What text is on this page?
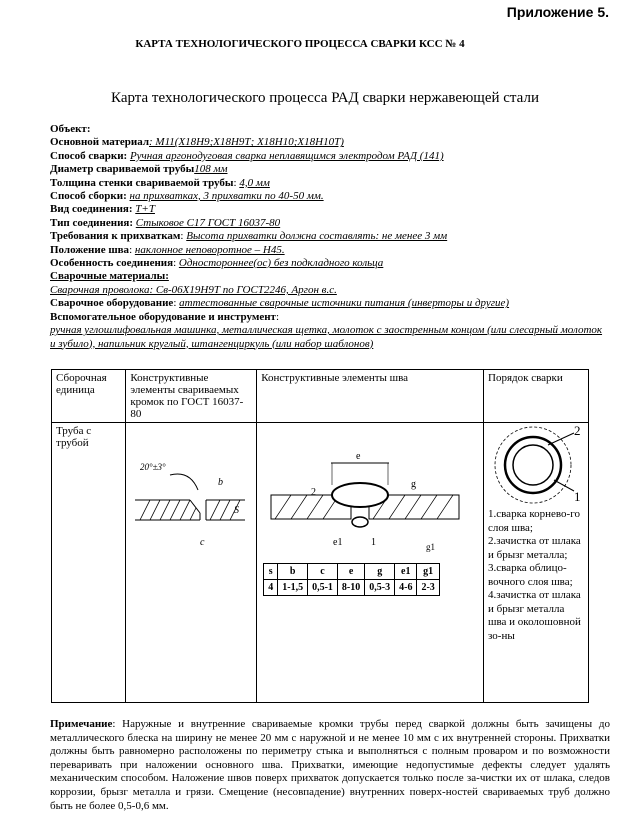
Приложение 5.
КАРТА ТЕХНОЛОГИЧЕСКОГО ПРОЦЕССА СВАРКИ КСС № 4
Карта технологического процесса РАД сварки нержавеющей стали
Объект:
Основной материал: М11(Х18Н9;Х18Н9Т; Х18Н10;Х18Н10Т)
Способ сварки: Ручная аргонодуговая сварка неплавящимся электродом РАД (141)
Диаметр свариваемой трубы108 мм
Толщина стенки свариваемой трубы: 4,0 мм
Способ сборки: на прихватках, 3 прихватки по 40-50 мм.
Вид соединения: Т+Т
Тип соединения: Стыковое С17 ГОСТ 16037-80
Требования к прихваткам: Высота прихватки должна составлять: не менее 3 мм
Положение шва: наклонное неповоротное – Н45.
Особенность соединения: Одностороннее(ос) без подкладного кольца
Сварочные материалы:
Сварочная проволока: Св-06Х19Н9Т по ГОСТ2246, Аргон в.с.
Сварочное оборудование: аттестованные сварочные источники питания (инверторы и другие)
Вспомогательное оборудование и инструмент:
ручная углошлифовальная машинка, металлическая щетка, молоток с заостренным концом (или слесарный молоток и зубило), напильник круглый, штангенциркуль (или набор шаблонов)
Сборочная единица	Конструктивные элементы свариваемых кромок по ГОСТ 16037-80	Конструктивные элементы шва	Порядок сварки
Труба с трубой	
20°±3°
b
S
c

e
g
2
1
e1	g1
s	b	c	e	g	e1	g1
4	1-1,5	0,5-1	8-10	0,5-3	4-6	2-3

2
1
1.сварка корнево-го слоя шва;
2.зачистка от шлака и брызг металла;
3.сварка облицо-вочного слоя шва;
4.зачистка от шлака и брызг металла шва и околошовной зо-ны
Примечание: Наружные и внутренние свариваемые кромки трубы перед сваркой должны быть зачищены до металлического блеска на ширину не менее 20 мм с наружной и не менее 10 мм с их внутренней стороны. Прихватки должны быть равномерно расположены по периметру стыка и выполняться с полным проваром и по возможности переваривать при наложении основного шва. Прихватки, имеющие недопустимые дефекты следует удалять механическим способом. Наложение швов поверх прихваток допускается только после за-чистки их от шлака, следов коррозии, брызг металла и грязи. Смещение (несовпадение) внутренних поверх-ностей свариваемых труб должно быть не более 0,5-0,6 мм.
